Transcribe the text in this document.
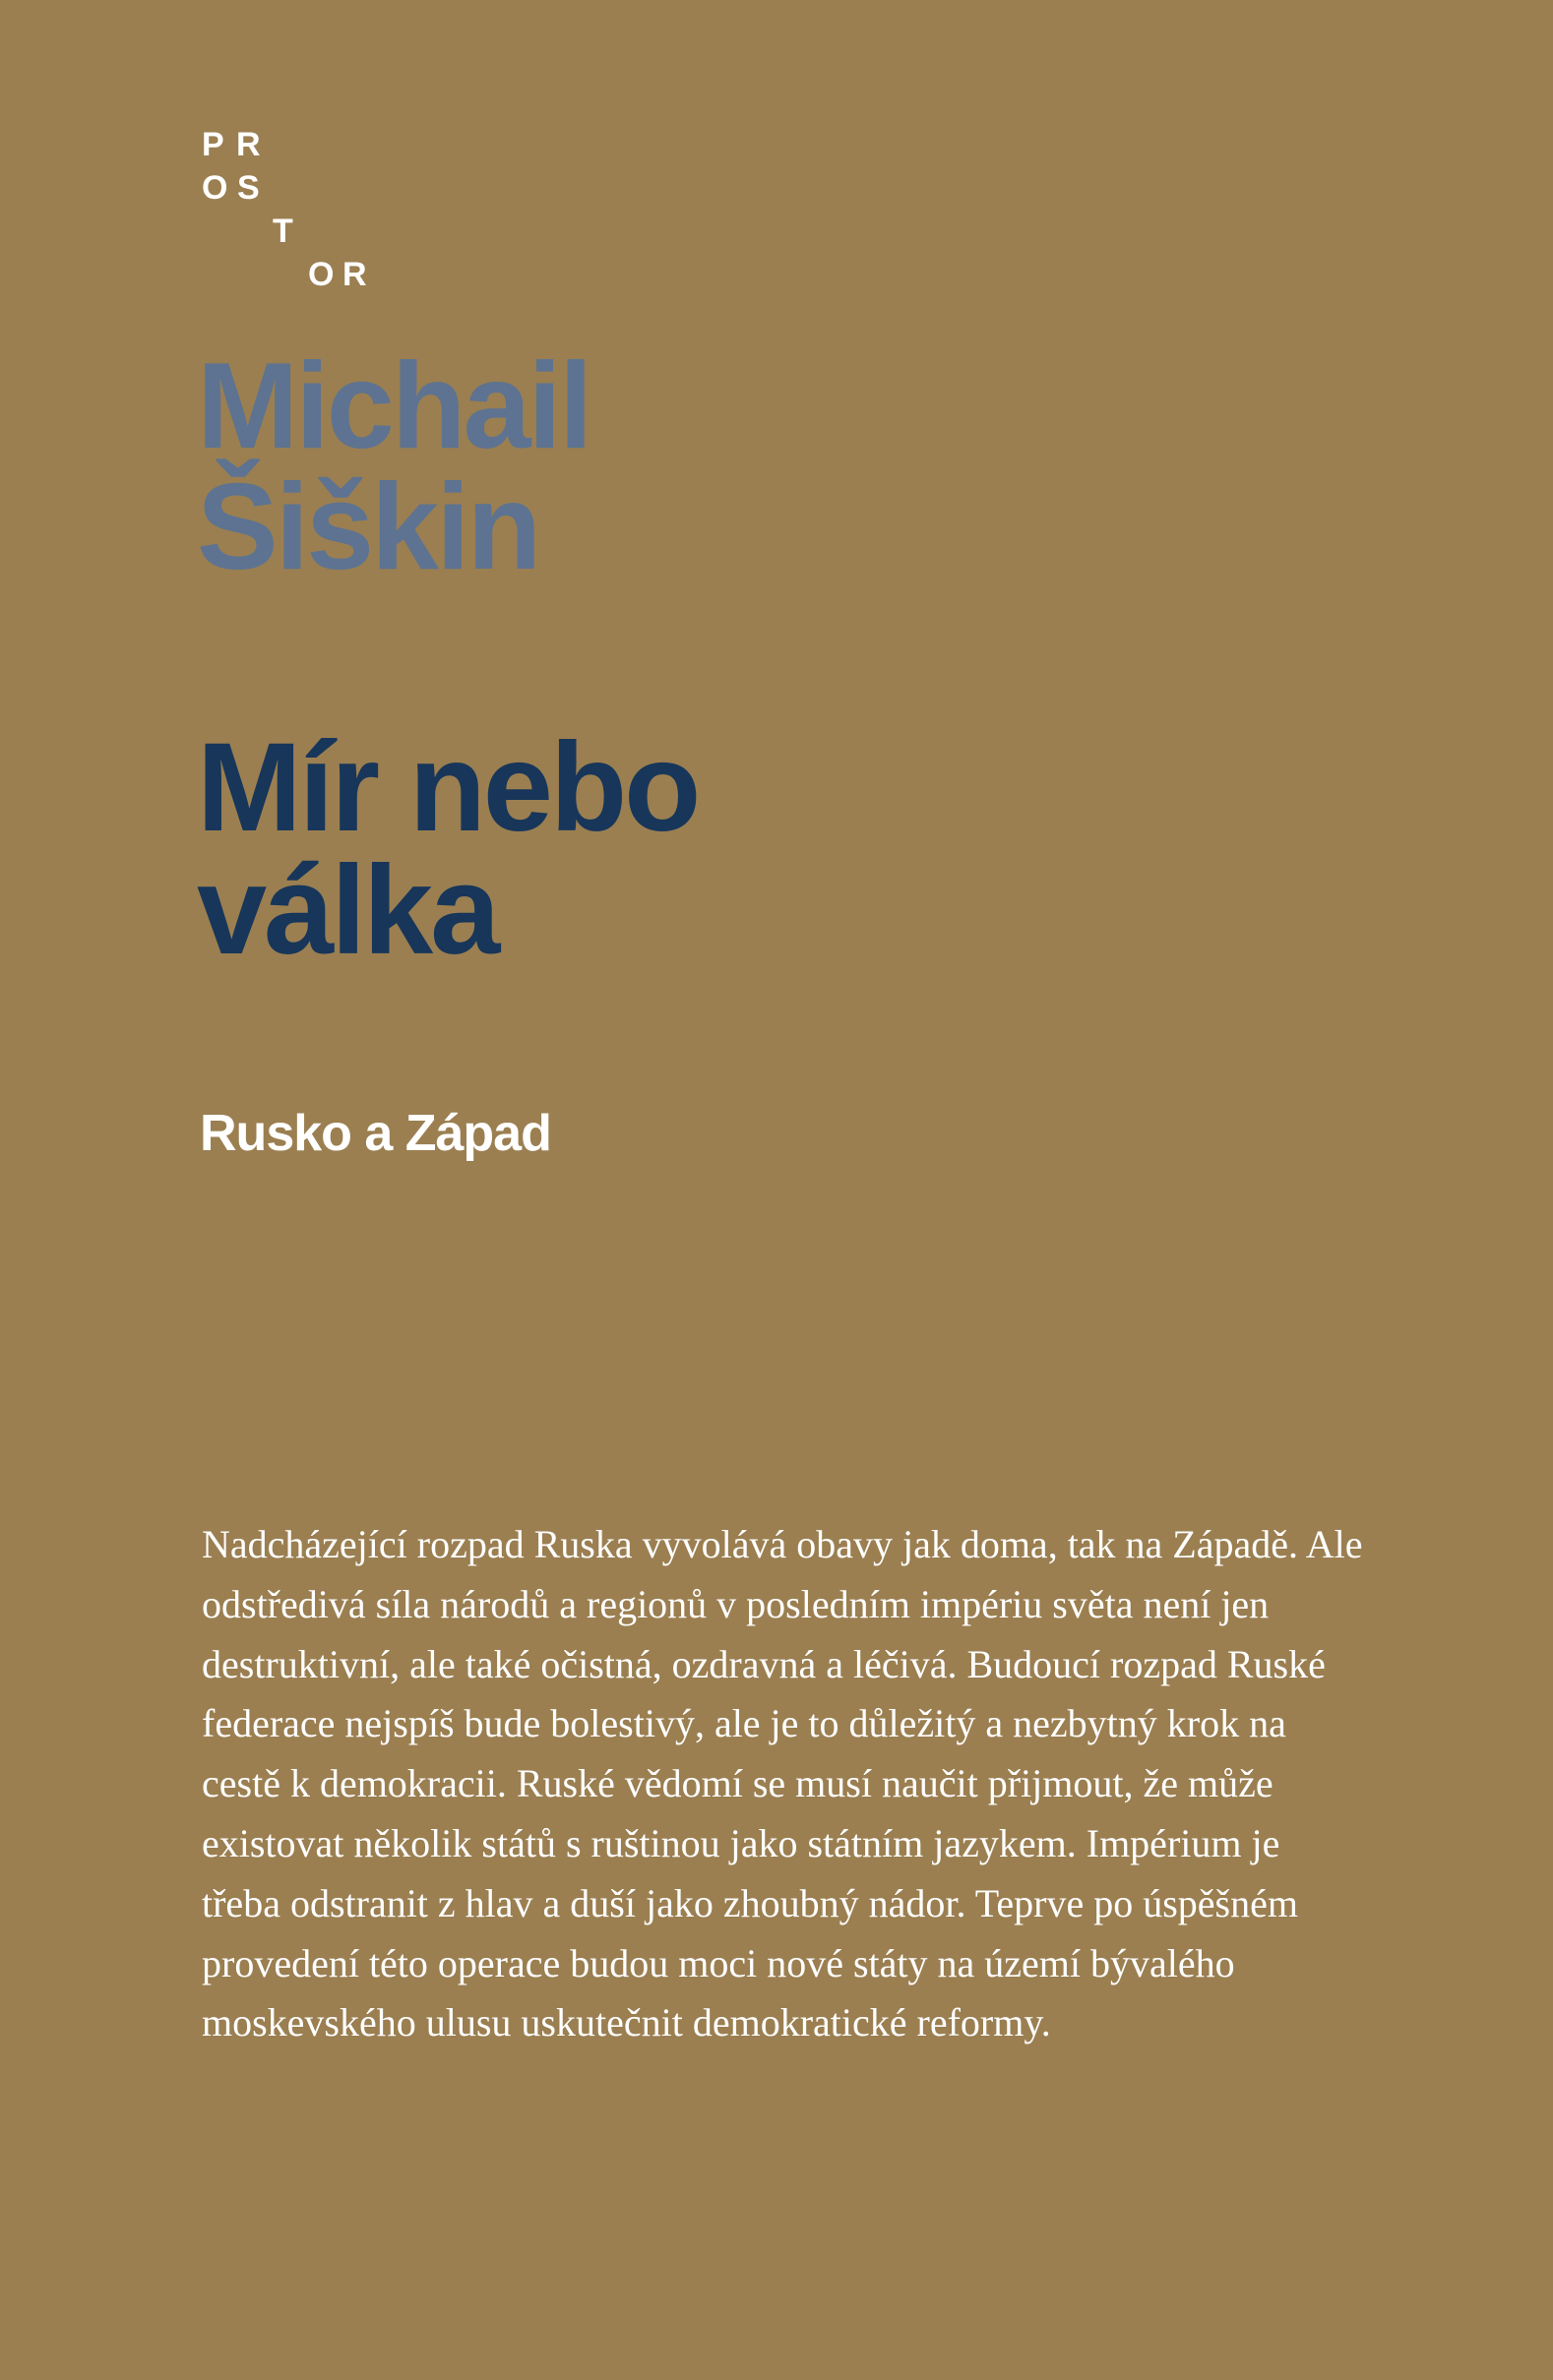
P R
O S
T
O R
Michail
Šiškin
Mír nebo
válka
Rusko a Západ

Nadcházející rozpad Ruska vyvolává obavy jak doma, tak na Západě. Ale odstředivá síla národů a regionů v posledním impériu světa není jen destruktivní, ale také očistná, ozdravná a léčivá. Budoucí rozpad Ruské federace nejspíš bude bolestivý, ale je to důležitý a nezbytný krok na cestě k demokracii. Ruské vědomí se musí naučit přijmout, že může existovat několik států s ruštinou jako státním jazykem. Impérium je třeba odstranit z hlav a duší jako zhoubný nádor. Teprve po úspěšném provedení této operace budou moci nové státy na území bývalého moskevského ulusu uskutečnit demokratické reformy.
